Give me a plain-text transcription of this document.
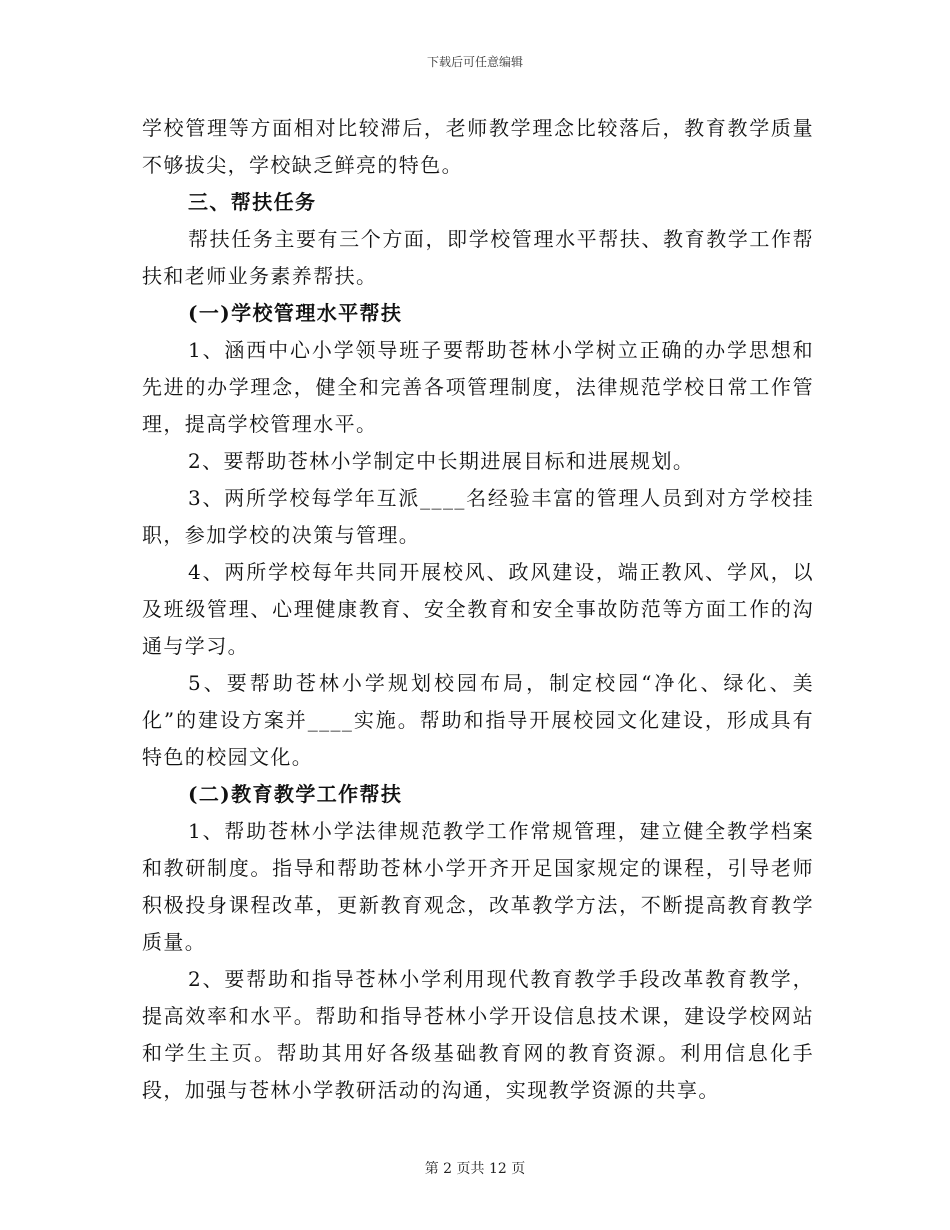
下载后可任意编辑

学校管理等方面相对比较滞后，老师教学理念比较落后，教育教学质量不够拔尖，学校缺乏鲜亮的特色。

三、帮扶任务

帮扶任务主要有三个方面，即学校管理水平帮扶、教育教学工作帮扶和老师业务素养帮扶。

(一)学校管理水平帮扶

1、涵西中心小学领导班子要帮助苍林小学树立正确的办学思想和先进的办学理念，健全和完善各项管理制度，法律规范学校日常工作管理，提高学校管理水平。

2、要帮助苍林小学制定中长期进展目标和进展规划。

3、两所学校每学年互派____名经验丰富的管理人员到对方学校挂职，参加学校的决策与管理。

4、两所学校每年共同开展校风、政风建设，端正教风、学风，以及班级管理、心理健康教育、安全教育和安全事故防范等方面工作的沟通与学习。

5、要帮助苍林小学规划校园布局，制定校园“净化、绿化、美化”的建设方案并____实施。帮助和指导开展校园文化建设，形成具有特色的校园文化。

(二)教育教学工作帮扶

1、帮助苍林小学法律规范教学工作常规管理，建立健全教学档案和教研制度。指导和帮助苍林小学开齐开足国家规定的课程，引导老师积极投身课程改革，更新教育观念，改革教学方法，不断提高教育教学质量。

2、要帮助和指导苍林小学利用现代教育教学手段改革教育教学，提高效率和水平。帮助和指导苍林小学开设信息技术课，建设学校网站和学生主页。帮助其用好各级基础教育网的教育资源。利用信息化手段，加强与苍林小学教研活动的沟通，实现教学资源的共享。

第 2 页共 12 页
